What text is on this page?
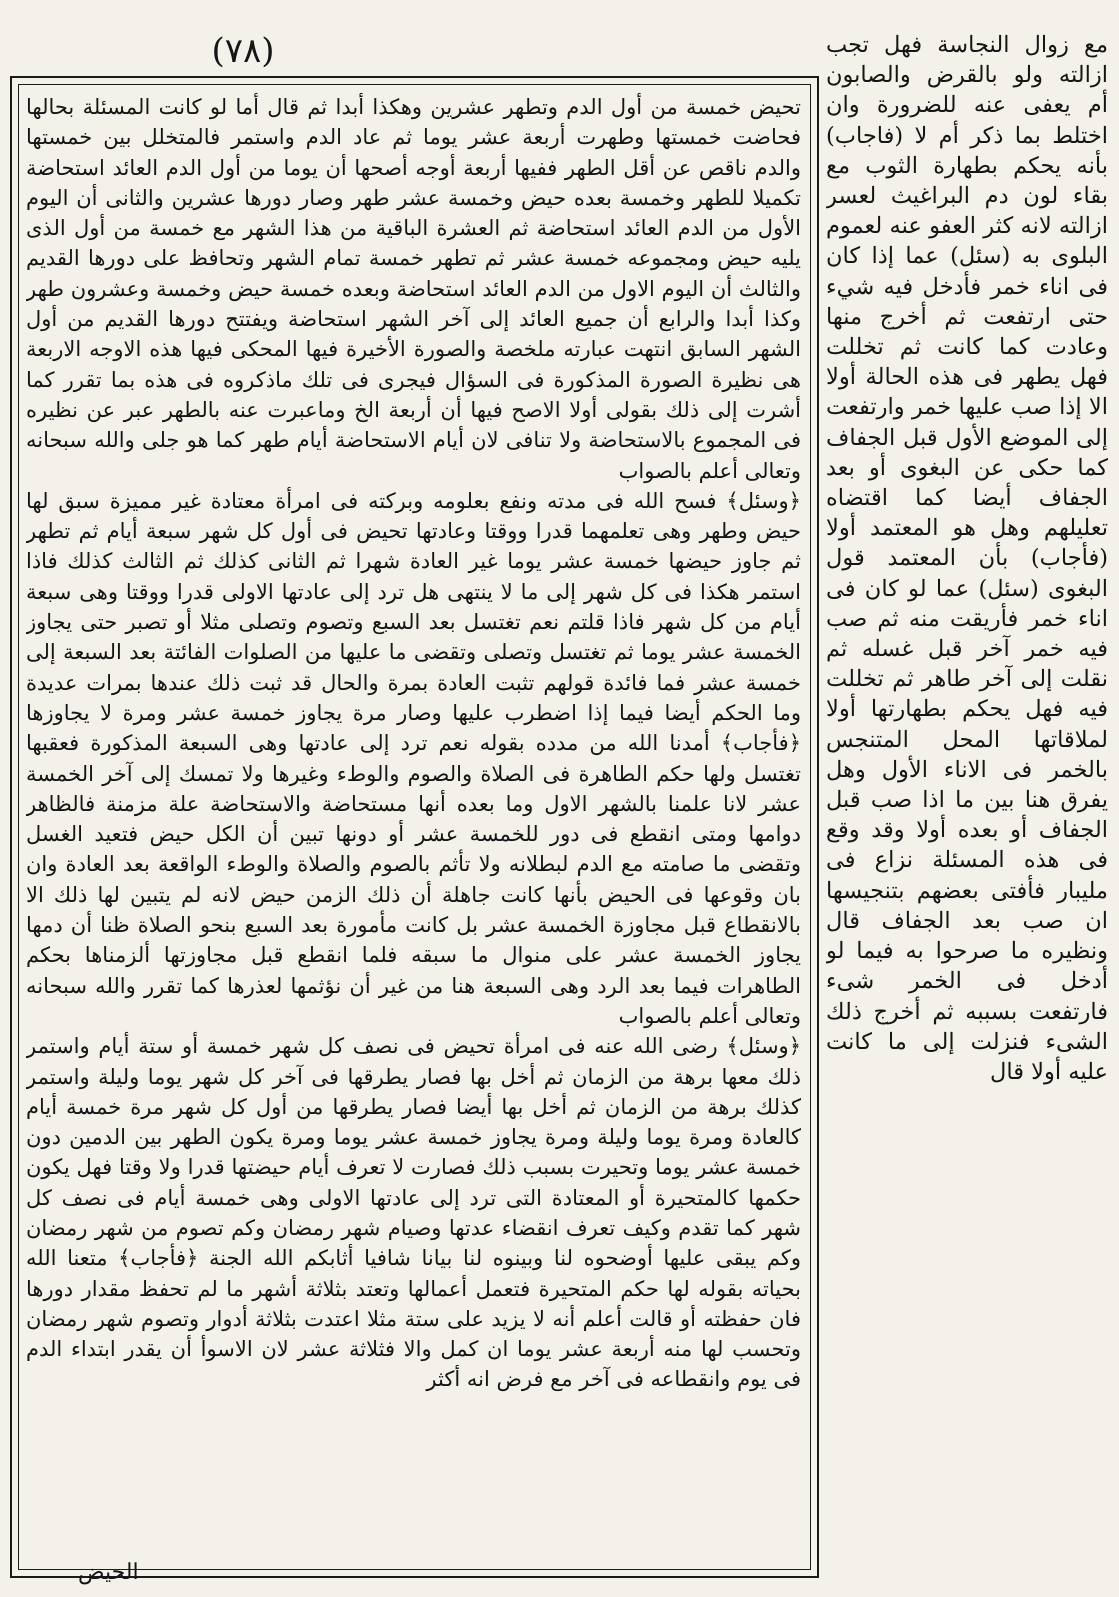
(٧٨)	مع زوال النجاسة فهل تجب ازالته ولو بالقرض والصابون أم يعفى عنه للضرورة وان اختلط بما ذكر أم لا (فاجاب) بأنه يحكم بطهارة الثوب مع بقاء لون دم البراغيث لعسر ازالته لانه كثر العفو عنه لعموم البلوى به (سئل) عما إذا كان فى اناء خمر فأدخل فيه شيء حتى ارتفعت ثم أخرج منها وعادت كما كانت ثم تخللت فهل يطهر فى هذه الحالة أولا الا إذا صب عليها خمر وارتفعت إلى الموضع الأول قبل الجفاف كما حكى عن البغوى أو بعد الجفاف أيضا كما اقتضاه تعليلهم وهل هو المعتمد أولا (فأجاب) بأن المعتمد قول البغوى (سئل) عما لو كان فى اناء خمر فأريقت منه ثم صب فيه خمر آخر قبل غسله ثم نقلت إلى آخر طاهر ثم تخللت فيه فهل يحكم بطهارتها أولا لملاقاتها المحل المتنجس بالخمر فى الاناء الأول وهل يفرق هنا بين ما اذا صب قبل الجفاف أو بعده أولا وقد وقع فى هذه المسئلة نزاع فى مليبار فأفتى بعضهم بتنجيسها ان صب بعد الجفاف قال ونظيره ما صرحوا به فيما لو أدخل فى الخمر شىء فارتفعت بسببه ثم أخرج ذلك الشىء فنزلت إلى ما كانت عليه أولا قال

تحيض خمسة من أول الدم وتطهر عشرين وهكذا أبدا ثم قال أما لو كانت المسئلة بحالها فحاضت خمستها وطهرت أربعة عشر يوما ثم عاد الدم واستمر فالمتخلل بين خمستها والدم ناقص عن أقل الطهر ففيها أربعة أوجه أصحها أن يوما من أول الدم العائد استحاضة تكميلا للطهر وخمسة بعده حيض وخمسة عشر طهر وصار دورها عشرين والثانى أن اليوم الأول من الدم العائد استحاضة ثم العشرة الباقية من هذا الشهر مع خمسة من أول الذى يليه حيض ومجموعه خمسة عشر ثم تطهر خمسة تمام الشهر وتحافظ على دورها القديم والثالث أن اليوم الاول من الدم العائد استحاضة وبعده خمسة حيض وخمسة وعشرون طهر وكذا أبدا والرابع أن جميع العائد إلى آخر الشهر استحاضة ويفتتح دورها القديم من أول الشهر السابق انتهت عبارته ملخصة والصورة الأخيرة فيها المحكى فيها هذه الاوجه الاربعة هى نظيرة الصورة المذكورة فى السؤال فيجرى فى تلك ماذكروه فى هذه بما تقرر كما أشرت إلى ذلك بقولى أولا الاصح فيها أن أربعة الخ وماعبرت عنه بالطهر عبر عن نظيره فى المجموع بالاستحاضة ولا تنافى لان أيام الاستحاضة أيام طهر كما هو جلى والله سبحانه وتعالى أعلم بالصواب

﴿وسئل﴾ فسح الله فى مدته ونفع بعلومه وبركته فى امرأة معتادة غير مميزة سبق لها حيض وطهر وهى تعلمهما قدرا ووقتا وعادتها تحيض فى أول كل شهر سبعة أيام ثم تطهر ثم جاوز حيضها خمسة عشر يوما غير العادة شهرا ثم الثانى كذلك ثم الثالث كذلك فاذا استمر هكذا فى كل شهر إلى ما لا ينتهى هل ترد إلى عادتها الاولى قدرا ووقتا وهى سبعة أيام من كل شهر فاذا قلتم نعم تغتسل بعد السبع وتصوم وتصلى مثلا أو تصبر حتى يجاوز الخمسة عشر يوما ثم تغتسل وتصلى وتقضى ما عليها من الصلوات الفائتة بعد السبعة إلى خمسة عشر فما فائدة قولهم تثبت العادة بمرة والحال قد ثبت ذلك عندها بمرات عديدة وما الحكم أيضا فيما إذا اضطرب عليها وصار مرة يجاوز خمسة عشر ومرة لا يجاوزها ﴿فأجاب﴾ أمدنا الله من مدده بقوله نعم ترد إلى عادتها وهى السبعة المذكورة فعقبها تغتسل ولها حكم الطاهرة فى الصلاة والصوم والوطء وغيرها ولا تمسك إلى آخر الخمسة عشر لانا علمنا بالشهر الاول وما بعده أنها مستحاضة والاستحاضة علة مزمنة فالظاهر دوامها ومتى انقطع فى دور للخمسة عشر أو دونها تبين أن الكل حيض فتعيد الغسل وتقضى ما صامته مع الدم لبطلانه ولا تأثم بالصوم والصلاة والوطء الواقعة بعد العادة وان بان وقوعها فى الحيض بأنها كانت جاهلة أن ذلك الزمن حيض لانه لم يتبين لها ذلك الا بالانقطاع قبل مجاوزة الخمسة عشر بل كانت مأمورة بعد السبع بنحو الصلاة ظنا أن دمها يجاوز الخمسة عشر على منوال ما سبقه فلما انقطع قبل مجاوزتها ألزمناها بحكم الطاهرات فيما بعد الرد وهى السبعة هنا من غير أن نؤثمها لعذرها كما تقرر والله سبحانه وتعالى أعلم بالصواب

﴿وسئل﴾ رضى الله عنه فى امرأة تحيض فى نصف كل شهر خمسة أو ستة أيام واستمر ذلك معها برهة من الزمان ثم أخل بها فصار يطرقها فى آخر كل شهر يوما وليلة واستمر كذلك برهة من الزمان ثم أخل بها أيضا فصار يطرقها من أول كل شهر مرة خمسة أيام كالعادة ومرة يوما وليلة ومرة يجاوز خمسة عشر يوما ومرة يكون الطهر بين الدمين دون خمسة عشر يوما وتحيرت بسبب ذلك فصارت لا تعرف أيام حيضتها قدرا ولا وقتا فهل يكون حكمها كالمتحيرة أو المعتادة التى ترد إلى عادتها الاولى وهى خمسة أيام فى نصف كل شهر كما تقدم وكيف تعرف انقضاء عدتها وصيام شهر رمضان وكم تصوم من شهر رمضان وكم يبقى عليها أوضحوه لنا وبينوه لنا بيانا شافيا أثابكم الله الجنة ﴿فأجاب﴾ متعنا الله بحياته بقوله لها حكم المتحيرة فتعمل أعمالها وتعتد بثلاثة أشهر ما لم تحفظ مقدار دورها فان حفظته أو قالت أعلم أنه لا يزيد على ستة مثلا اعتدت بثلاثة أدوار وتصوم شهر رمضان وتحسب لها منه أربعة عشر يوما ان كمل والا فثلاثة عشر لان الاسوأ أن يقدر ابتداء الدم فى يوم وانقطاعه فى آخر مع فرض انه أكثر

الحيض
